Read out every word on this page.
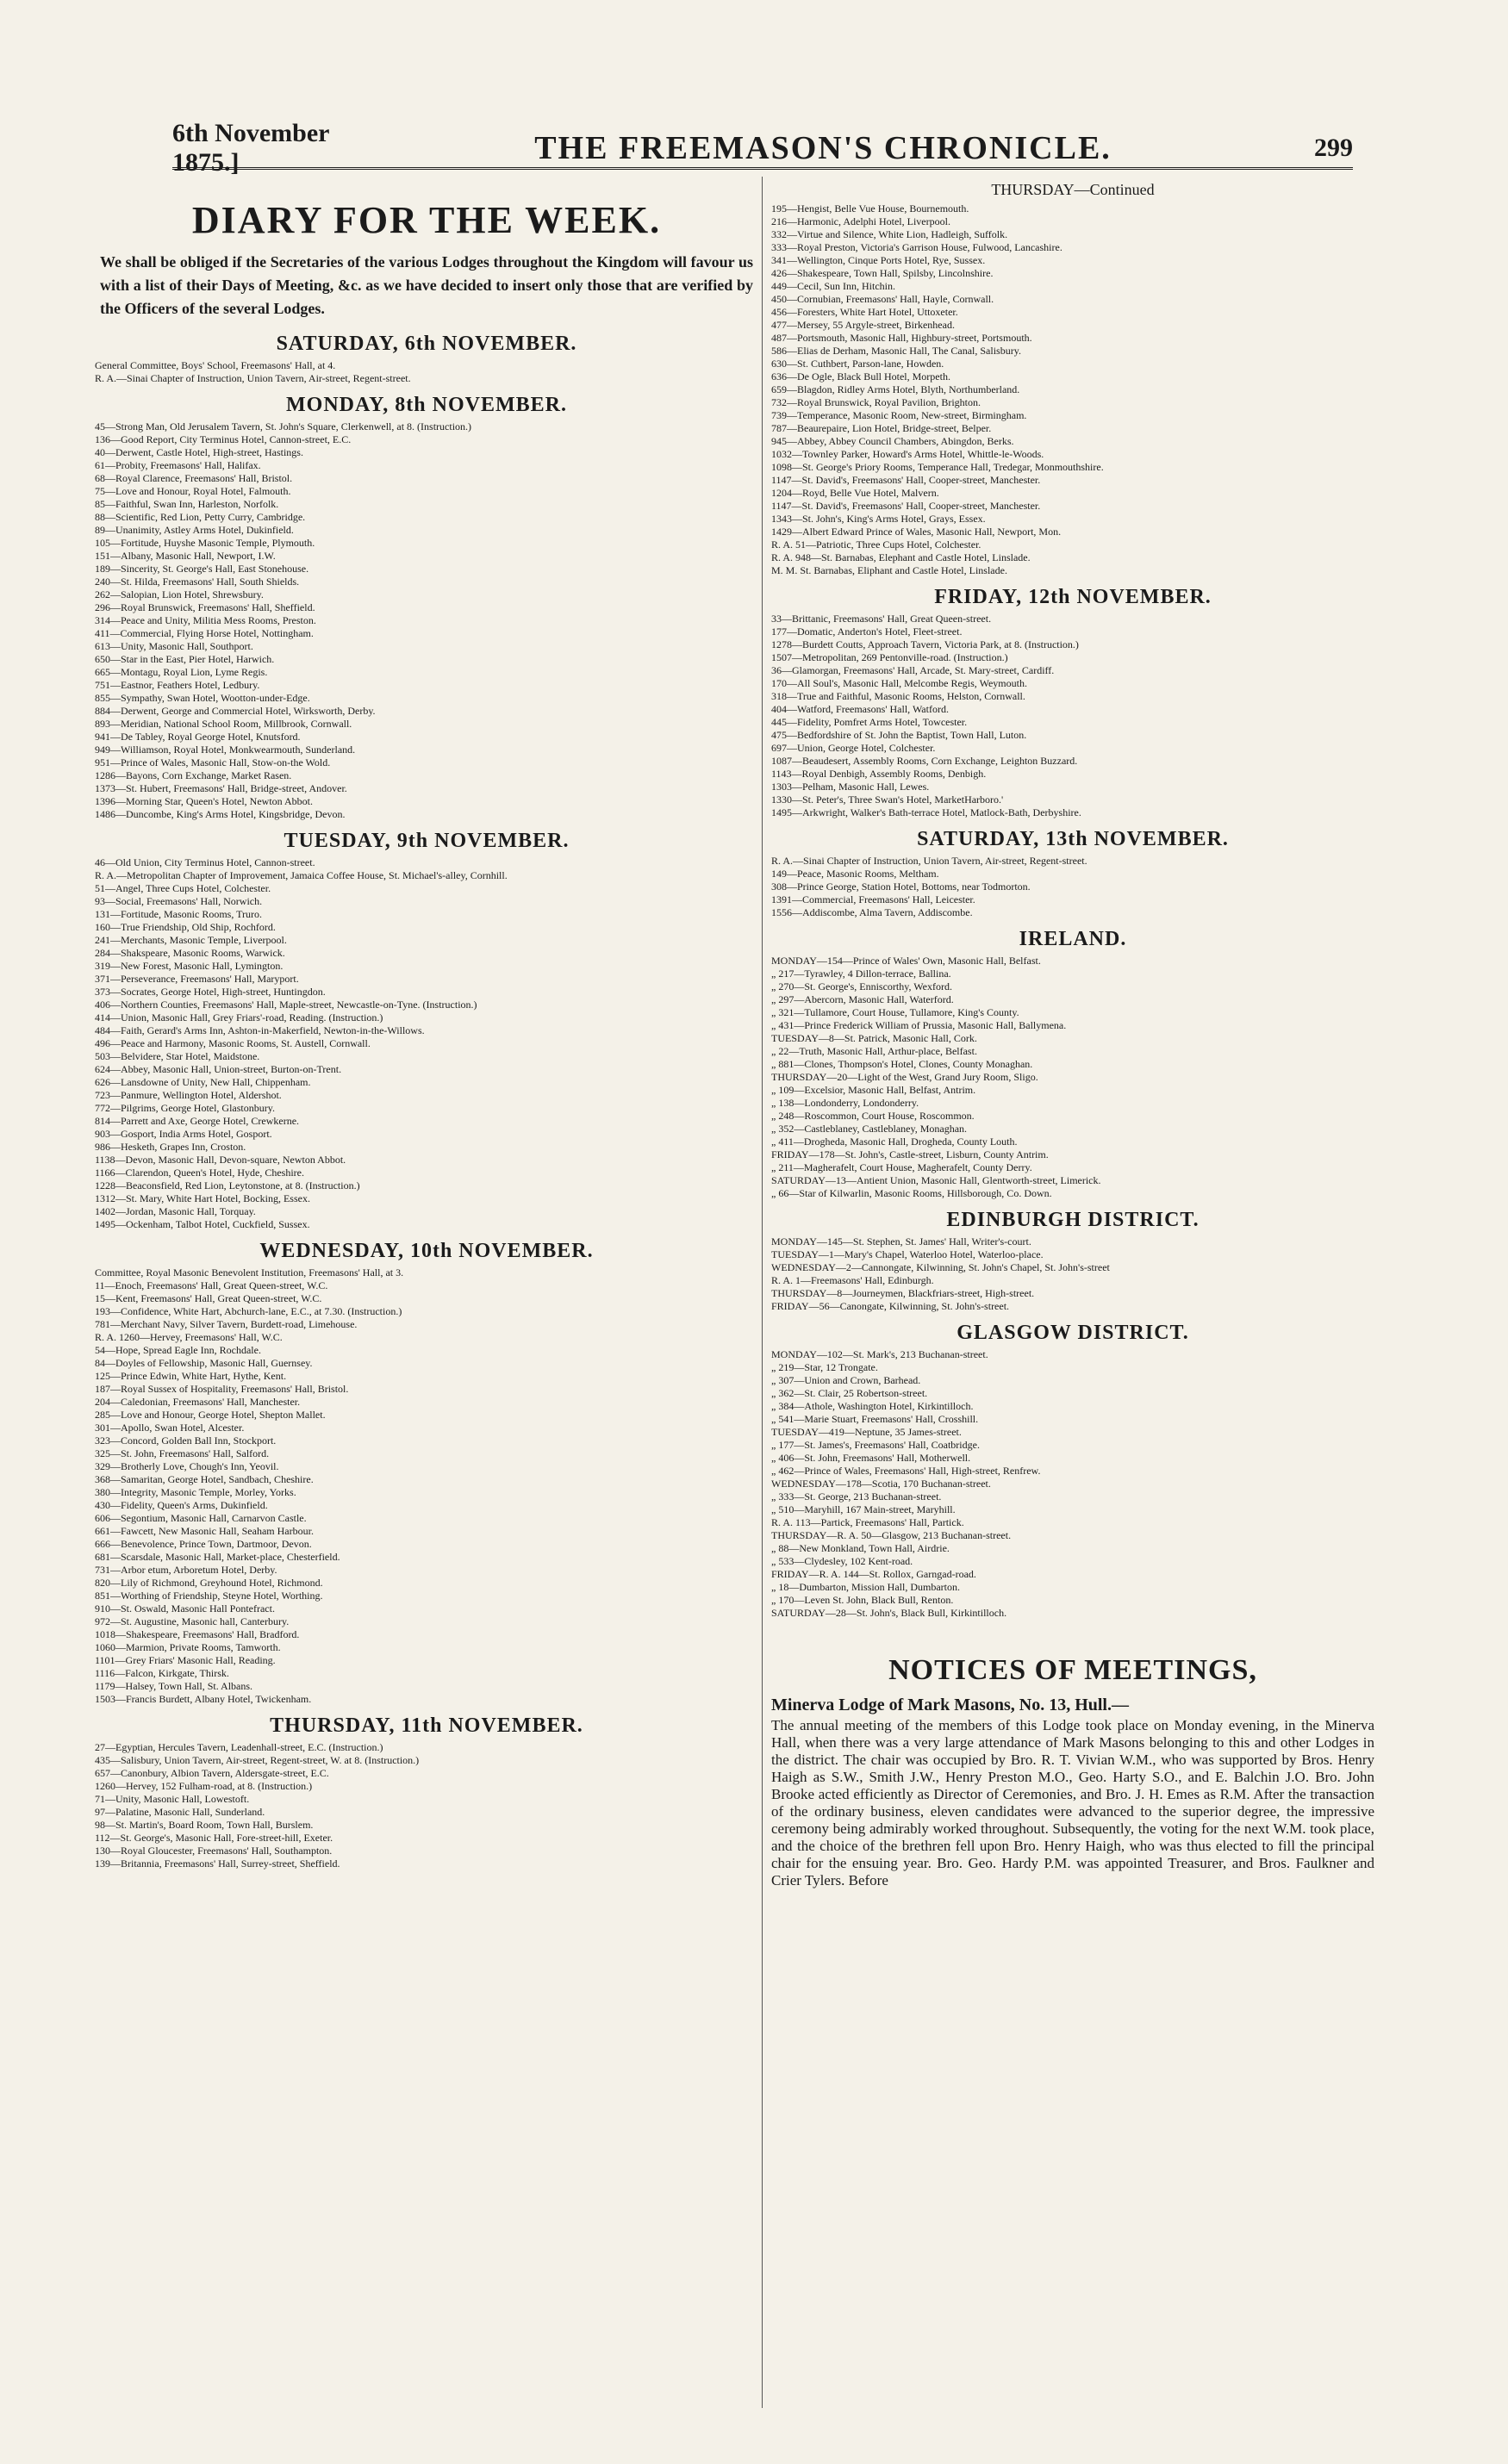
6th November 1875.]	THE FREEMASON'S CHRONICLE.	299
DIARY FOR THE WEEK.

We shall be obliged if the Secretaries of the various Lodges throughout the Kingdom will favour us with a list of their Days of Meeting, &c. as we have decided to insert only those that are verified by the Officers of the several Lodges.

SATURDAY, 6th NOVEMBER.
General Committee, Boys' School, Freemasons' Hall, at 4.
R. A.—Sinai Chapter of Instruction, Union Tavern, Air-street, Regent-street.
MONDAY, 8th NOVEMBER.
45—Strong Man, Old Jerusalem Tavern, St. John's Square, Clerkenwell, at 8. (Instruction.)
136—Good Report, City Terminus Hotel, Cannon-street, E.C.
40—Derwent, Castle Hotel, High-street, Hastings.
61—Probity, Freemasons' Hall, Halifax.
68—Royal Clarence, Freemasons' Hall, Bristol.
75—Love and Honour, Royal Hotel, Falmouth.
85—Faithful, Swan Inn, Harleston, Norfolk.
88—Scientific, Red Lion, Petty Curry, Cambridge.
89—Unanimity, Astley Arms Hotel, Dukinfield.
105—Fortitude, Huyshe Masonic Temple, Plymouth.
151—Albany, Masonic Hall, Newport, I.W.
189—Sincerity, St. George's Hall, East Stonehouse.
240—St. Hilda, Freemasons' Hall, South Shields.
262—Salopian, Lion Hotel, Shrewsbury.
296—Royal Brunswick, Freemasons' Hall, Sheffield.
314—Peace and Unity, Militia Mess Rooms, Preston.
411—Commercial, Flying Horse Hotel, Nottingham.
613—Unity, Masonic Hall, Southport.
650—Star in the East, Pier Hotel, Harwich.
665—Montagu, Royal Lion, Lyme Regis.
751—Eastnor, Feathers Hotel, Ledbury.
855—Sympathy, Swan Hotel, Wootton-under-Edge.
884—Derwent, George and Commercial Hotel, Wirksworth, Derby.
893—Meridian, National School Room, Millbrook, Cornwall.
941—De Tabley, Royal George Hotel, Knutsford.
949—Williamson, Royal Hotel, Monkwearmouth, Sunderland.
951—Prince of Wales, Masonic Hall, Stow-on-the Wold.
1286—Bayons, Corn Exchange, Market Rasen.
1373—St. Hubert, Freemasons' Hall, Bridge-street, Andover.
1396—Morning Star, Queen's Hotel, Newton Abbot.
1486—Duncombe, King's Arms Hotel, Kingsbridge, Devon.
TUESDAY, 9th NOVEMBER.
46—Old Union, City Terminus Hotel, Cannon-street.
R. A.—Metropolitan Chapter of Improvement, Jamaica Coffee House, St. Michael's-alley, Cornhill.
51—Angel, Three Cups Hotel, Colchester.
93—Social, Freemasons' Hall, Norwich.
131—Fortitude, Masonic Rooms, Truro.
160—True Friendship, Old Ship, Rochford.
241—Merchants, Masonic Temple, Liverpool.
284—Shakspeare, Masonic Rooms, Warwick.
319—New Forest, Masonic Hall, Lymington.
371—Perseverance, Freemasons' Hall, Maryport.
373—Socrates, George Hotel, High-street, Huntingdon.
406—Northern Counties, Freemasons' Hall, Maple-street, Newcastle-on-Tyne. (Instruction.)
414—Union, Masonic Hall, Grey Friars'-road, Reading. (Instruction.)
484—Faith, Gerard's Arms Inn, Ashton-in-Makerfield, Newton-in-the-Willows.
496—Peace and Harmony, Masonic Rooms, St. Austell, Cornwall.
503—Belvidere, Star Hotel, Maidstone.
624—Abbey, Masonic Hall, Union-street, Burton-on-Trent.
626—Lansdowne of Unity, New Hall, Chippenham.
723—Panmure, Wellington Hotel, Aldershot.
772—Pilgrims, George Hotel, Glastonbury.
814—Parrett and Axe, George Hotel, Crewkerne.
903—Gosport, India Arms Hotel, Gosport.
986—Hesketh, Grapes Inn, Croston.
1138—Devon, Masonic Hall, Devon-square, Newton Abbot.
1166—Clarendon, Queen's Hotel, Hyde, Cheshire.
1228—Beaconsfield, Red Lion, Leytonstone, at 8. (Instruction.)
1312—St. Mary, White Hart Hotel, Bocking, Essex.
1402—Jordan, Masonic Hall, Torquay.
1495—Ockenham, Talbot Hotel, Cuckfield, Sussex.
WEDNESDAY, 10th NOVEMBER.
Committee, Royal Masonic Benevolent Institution, Freemasons' Hall, at 3.
11—Enoch, Freemasons' Hall, Great Queen-street, W.C.
15—Kent, Freemasons' Hall, Great Queen-street, W.C.
193—Confidence, White Hart, Abchurch-lane, E.C., at 7.30. (Instruction.)
781—Merchant Navy, Silver Tavern, Burdett-road, Limehouse.
R. A. 1260—Hervey, Freemasons' Hall, W.C.
54—Hope, Spread Eagle Inn, Rochdale.
84—Doyles of Fellowship, Masonic Hall, Guernsey.
125—Prince Edwin, White Hart, Hythe, Kent.
187—Royal Sussex of Hospitality, Freemasons' Hall, Bristol.
204—Caledonian, Freemasons' Hall, Manchester.
285—Love and Honour, George Hotel, Shepton Mallet.
301—Apollo, Swan Hotel, Alcester.
323—Concord, Golden Ball Inn, Stockport.
325—St. John, Freemasons' Hall, Salford.
329—Brotherly Love, Chough's Inn, Yeovil.
368—Samaritan, George Hotel, Sandbach, Cheshire.
380—Integrity, Masonic Temple, Morley, Yorks.
430—Fidelity, Queen's Arms, Dukinfield.
606—Segontium, Masonic Hall, Carnarvon Castle.
661—Fawcett, New Masonic Hall, Seaham Harbour.
666—Benevolence, Prince Town, Dartmoor, Devon.
681—Scarsdale, Masonic Hall, Market-place, Chesterfield.
731—Arbor etum, Arboretum Hotel, Derby.
820—Lily of Richmond, Greyhound Hotel, Richmond.
851—Worthing of Friendship, Steyne Hotel, Worthing.
910—St. Oswald, Masonic Hall Pontefract.
972—St. Augustine, Masonic hall, Canterbury.
1018—Shakespeare, Freemasons' Hall, Bradford.
1060—Marmion, Private Rooms, Tamworth.
1101—Grey Friars' Masonic Hall, Reading.
1116—Falcon, Kirkgate, Thirsk.
1179—Halsey, Town Hall, St. Albans.
1503—Francis Burdett, Albany Hotel, Twickenham.
THURSDAY, 11th NOVEMBER.
27—Egyptian, Hercules Tavern, Leadenhall-street, E.C. (Instruction.)
435—Salisbury, Union Tavern, Air-street, Regent-street, W. at 8. (Instruction.)
657—Canonbury, Albion Tavern, Aldersgate-street, E.C.
1260—Hervey, 152 Fulham-road, at 8. (Instruction.)
71—Unity, Masonic Hall, Lowestoft.
97—Palatine, Masonic Hall, Sunderland.
98—St. Martin's, Board Room, Town Hall, Burslem.
112—St. George's, Masonic Hall, Fore-street-hill, Exeter.
130—Royal Gloucester, Freemasons' Hall, Southampton.
139—Britannia, Freemasons' Hall, Surrey-street, Sheffield.
THURSDAY—Continued
195—Hengist, Belle Vue House, Bournemouth.
216—Harmonic, Adelphi Hotel, Liverpool.
332—Virtue and Silence, White Lion, Hadleigh, Suffolk.
333—Royal Preston, Victoria's Garrison House, Fulwood, Lancashire.
341—Wellington, Cinque Ports Hotel, Rye, Sussex.
426—Shakespeare, Town Hall, Spilsby, Lincolnshire.
449—Cecil, Sun Inn, Hitchin.
450—Cornubian, Freemasons' Hall, Hayle, Cornwall.
456—Foresters, White Hart Hotel, Uttoxeter.
477—Mersey, 55 Argyle-street, Birkenhead.
487—Portsmouth, Masonic Hall, Highbury-street, Portsmouth.
586—Elias de Derham, Masonic Hall, The Canal, Salisbury.
630—St. Cuthbert, Parson-lane, Howden.
636—De Ogle, Black Bull Hotel, Morpeth.
659—Blagdon, Ridley Arms Hotel, Blyth, Northumberland.
732—Royal Brunswick, Royal Pavilion, Brighton.
739—Temperance, Masonic Room, New-street, Birmingham.
787—Beaurepaire, Lion Hotel, Bridge-street, Belper.
945—Abbey, Abbey Council Chambers, Abingdon, Berks.
1032—Townley Parker, Howard's Arms Hotel, Whittle-le-Woods.
1098—St. George's Priory Rooms, Temperance Hall, Tredegar, Monmouthshire.
1147—St. David's, Freemasons' Hall, Cooper-street, Manchester.
1204—Royd, Belle Vue Hotel, Malvern.
1147—St. David's, Freemasons' Hall, Cooper-street, Manchester.
1343—St. John's, King's Arms Hotel, Grays, Essex.
1429—Albert Edward Prince of Wales, Masonic Hall, Newport, Mon.
R. A. 51—Patriotic, Three Cups Hotel, Colchester.
R. A. 948—St. Barnabas, Elephant and Castle Hotel, Linslade.
M. M. St. Barnabas, Eliphant and Castle Hotel, Linslade.
FRIDAY, 12th NOVEMBER.
33—Brittanic, Freemasons' Hall, Great Queen-street.
177—Domatic, Anderton's Hotel, Fleet-street.
1278—Burdett Coutts, Approach Tavern, Victoria Park, at 8. (Instruction.)
1507—Metropolitan, 269 Pentonville-road. (Instruction.)
36—Glamorgan, Freemasons' Hall, Arcade, St. Mary-street, Cardiff.
170—All Soul's, Masonic Hall, Melcombe Regis, Weymouth.
318—True and Faithful, Masonic Rooms, Helston, Cornwall.
404—Watford, Freemasons' Hall, Watford.
445—Fidelity, Pomfret Arms Hotel, Towcester.
475—Bedfordshire of St. John the Baptist, Town Hall, Luton.
697—Union, George Hotel, Colchester.
1087—Beaudesert, Assembly Rooms, Corn Exchange, Leighton Buzzard.
1143—Royal Denbigh, Assembly Rooms, Denbigh.
1303—Pelham, Masonic Hall, Lewes.
1330—St. Peter's, Three Swan's Hotel, MarketHarboro.'
1495—Arkwright, Walker's Bath-terrace Hotel, Matlock-Bath, Derbyshire.
SATURDAY, 13th NOVEMBER.
R. A.—Sinai Chapter of Instruction, Union Tavern, Air-street, Regent-street.
149—Peace, Masonic Rooms, Meltham.
308—Prince George, Station Hotel, Bottoms, near Todmorton.
1391—Commercial, Freemasons' Hall, Leicester.
1556—Addiscombe, Alma Tavern, Addiscombe.
IRELAND.
MONDAY—154—Prince of Wales' Own, Masonic Hall, Belfast.
„ 217—Tyrawley, 4 Dillon-terrace, Ballina.
„ 270—St. George's, Enniscorthy, Wexford.
„ 297—Abercorn, Masonic Hall, Waterford.
„ 321—Tullamore, Court House, Tullamore, King's County.
„ 431—Prince Frederick William of Prussia, Masonic Hall, Ballymena.
TUESDAY—8—St. Patrick, Masonic Hall, Cork.
„ 22—Truth, Masonic Hall, Arthur-place, Belfast.
„ 881—Clones, Thompson's Hotel, Clones, County Monaghan.
THURSDAY—20—Light of the West, Grand Jury Room, Sligo.
„ 109—Excelsior, Masonic Hall, Belfast, Antrim.
„ 138—Londonderry, Londonderry.
„ 248—Roscommon, Court House, Roscommon.
„ 352—Castleblaney, Castleblaney, Monaghan.
„ 411—Drogheda, Masonic Hall, Drogheda, County Louth.
FRIDAY—178—St. John's, Castle-street, Lisburn, County Antrim.
„ 211—Magherafelt, Court House, Magherafelt, County Derry.
SATURDAY—13—Antient Union, Masonic Hall, Glentworth-street, Limerick.
„ 66—Star of Kilwarlin, Masonic Rooms, Hillsborough, Co. Down.
EDINBURGH DISTRICT.
MONDAY—145—St. Stephen, St. James' Hall, Writer's-court.
TUESDAY—1—Mary's Chapel, Waterloo Hotel, Waterloo-place.
WEDNESDAY—2—Cannongate, Kilwinning, St. John's Chapel, St. John's-street
R. A. 1—Freemasons' Hall, Edinburgh.
THURSDAY—8—Journeymen, Blackfriars-street, High-street.
FRIDAY—56—Canongate, Kilwinning, St. John's-street.
GLASGOW DISTRICT.
MONDAY—102—St. Mark's, 213 Buchanan-street.
„ 219—Star, 12 Trongate.
„ 307—Union and Crown, Barhead.
„ 362—St. Clair, 25 Robertson-street.
„ 384—Athole, Washington Hotel, Kirkintilloch.
„ 541—Marie Stuart, Freemasons' Hall, Crosshill.
TUESDAY—419—Neptune, 35 James-street.
„ 177—St. James's, Freemasons' Hall, Coatbridge.
„ 406—St. John, Freemasons' Hall, Motherwell.
„ 462—Prince of Wales, Freemasons' Hall, High-street, Renfrew.
WEDNESDAY—178—Scotia, 170 Buchanan-street.
„ 333—St. George, 213 Buchanan-street.
„ 510—Maryhill, 167 Main-street, Maryhill.
R. A. 113—Partick, Freemasons' Hall, Partick.
THURSDAY—R. A. 50—Glasgow, 213 Buchanan-street.
„ 88—New Monkland, Town Hall, Airdrie.
„ 533—Clydesley, 102 Kent-road.
FRIDAY—R. A. 144—St. Rollox, Garngad-road.
„ 18—Dumbarton, Mission Hall, Dumbarton.
„ 170—Leven St. John, Black Bull, Renton.
SATURDAY—28—St. John's, Black Bull, Kirkintilloch.
NOTICES OF MEETINGS,
Minerva Lodge of Mark Masons, No. 13, Hull.—

The annual meeting of the members of this Lodge took place on Monday evening, in the Minerva Hall, when there was a very large attendance of Mark Masons belonging to this and other Lodges in the district. The chair was occupied by Bro. R. T. Vivian W.M., who was supported by Bros. Henry Haigh as S.W., Smith J.W., Henry Preston M.O., Geo. Harty S.O., and E. Balchin J.O. Bro. John Brooke acted efficiently as Director of Ceremonies, and Bro. J. H. Emes as R.M. After the transaction of the ordinary business, eleven candidates were advanced to the superior degree, the impressive ceremony being admirably worked throughout. Subsequently, the voting for the next W.M. took place, and the choice of the brethren fell upon Bro. Henry Haigh, who was thus elected to fill the principal chair for the ensuing year. Bro. Geo. Hardy P.M. was appointed Treasurer, and Bros. Faulkner and Crier Tylers. Before
